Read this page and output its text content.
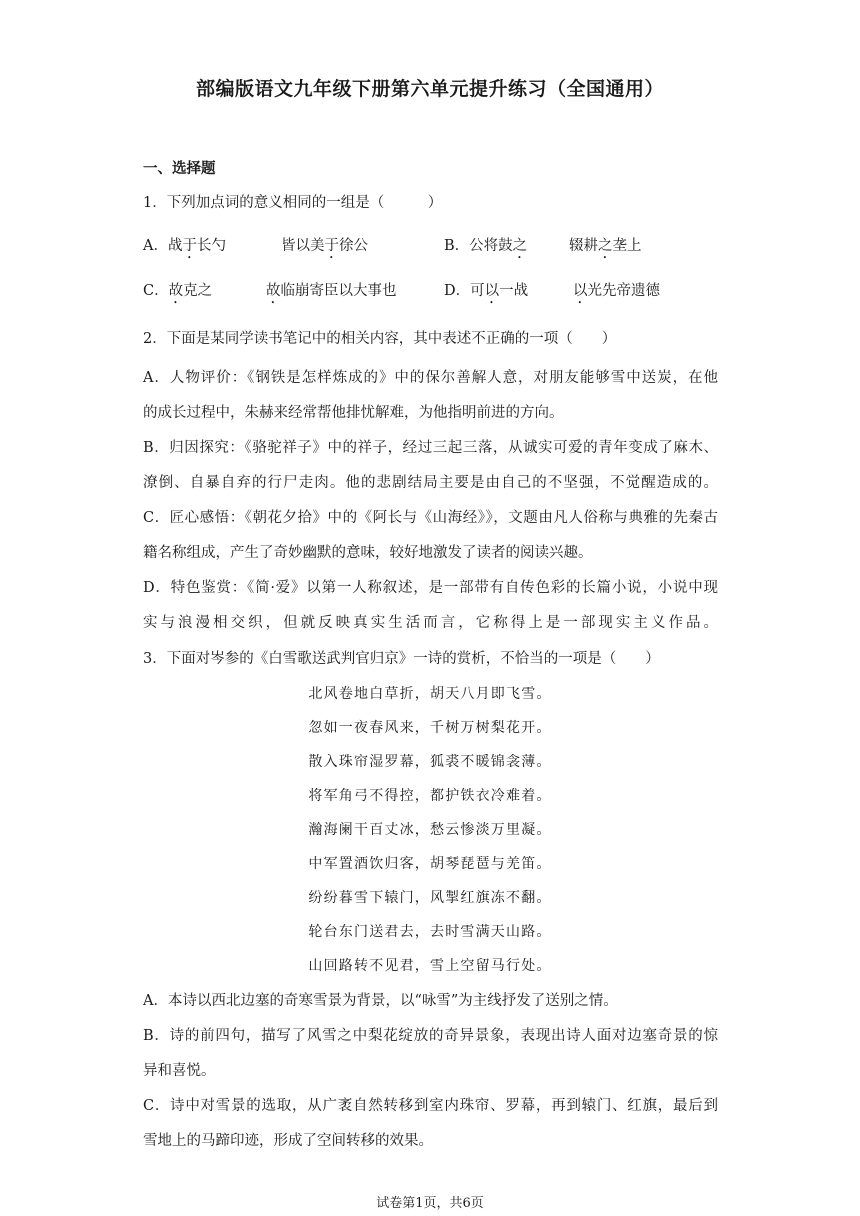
部编版语文九年级下册第六单元提升练习（全国通用）
一、选择题
1．下列加点词的意义相同的一组是（　　　）
A．战于长勺	皆以美于徐公	B．公将鼓之	辍耕之垄上
C．故克之	故临崩寄臣以大事也	D．可以一战	以光先帝遗德
2．下面是某同学读书笔记中的相关内容，其中表述不正确的一项（　　）
A．人物评价：《钢铁是怎样炼成的》中的保尔善解人意，对朋友能够雪中送炭，在他
的成长过程中，朱赫来经常帮他排忧解难，为他指明前进的方向。
B．归因探究：《骆驼祥子》中的祥子，经过三起三落，从诚实可爱的青年变成了麻木、
潦倒、自暴自弃的行尸走肉。他的悲剧结局主要是由自己的不坚强，不觉醒造成的。
C．匠心感悟：《朝花夕拾》中的《阿长与《山海经》》，文题由凡人俗称与典雅的先秦古
籍名称组成，产生了奇妙幽默的意味，较好地激发了读者的阅读兴趣。
D．特色鉴赏：《简·爱》以第一人称叙述，是一部带有自传色彩的长篇小说，小说中现
实与浪漫相交织，但就反映真实生活而言，它称得上是一部现实主义作品。
3．下面对岑参的《白雪歌送武判官归京》一诗的赏析，不恰当的一项是（　　）
北风卷地白草折，胡天八月即飞雪。
忽如一夜春风来，千树万树梨花开。
散入珠帘湿罗幕，狐裘不暖锦衾薄。
将军角弓不得控，都护铁衣冷难着。
瀚海阑干百丈冰，愁云惨淡万里凝。
中军置酒饮归客，胡琴琵琶与羌笛。
纷纷暮雪下辕门，风掣红旗冻不翻。
轮台东门送君去，去时雪满天山路。
山回路转不见君，雪上空留马行处。
A．本诗以西北边塞的奇寒雪景为背景，以“咏雪”为主线抒发了送别之情。
B．诗的前四句，描写了风雪之中梨花绽放的奇异景象，表现出诗人面对边塞奇景的惊
异和喜悦。
C．诗中对雪景的选取，从广袤自然转移到室内珠帘、罗幕，再到辕门、红旗，最后到
雪地上的马蹄印迹，形成了空间转移的效果。
试卷第1页，共6页
